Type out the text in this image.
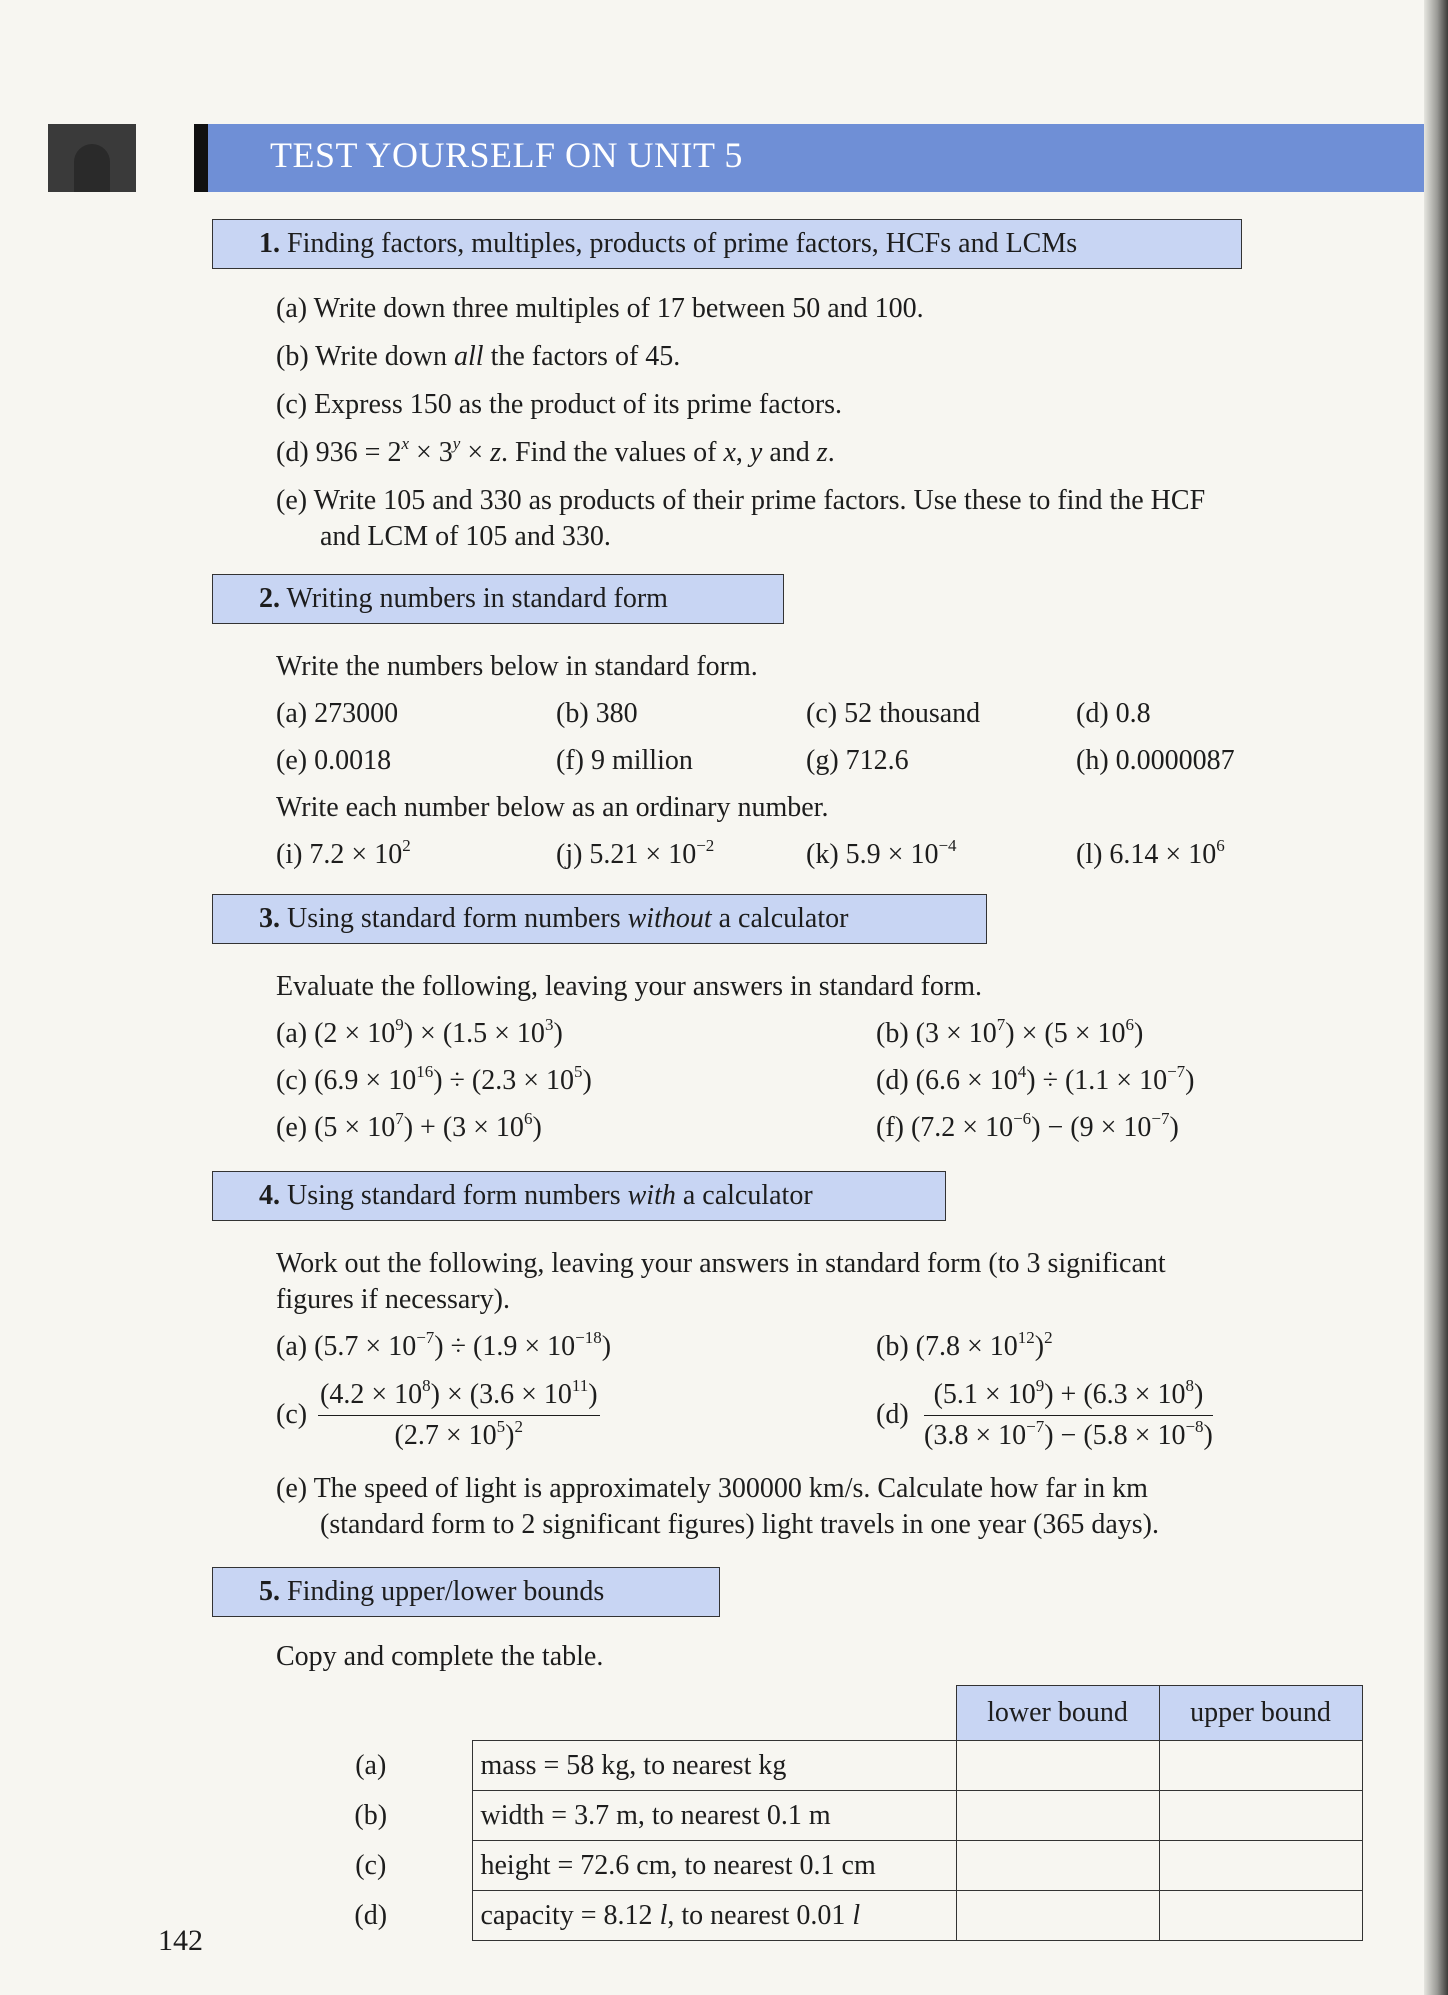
TEST YOURSELF ON UNIT 5
1. Finding factors, multiples, products of prime factors, HCFs and LCMs
(a) Write down three multiples of 17 between 50 and 100.
(b) Write down all the factors of 45.
(c) Express 150 as the product of its prime factors.
(d) $936 = 2^x \times 3^y \times z$. Find the values of x, y and z.
(e) Write 105 and 330 as products of their prime factors. Use these to find the HCF
and LCM of 105 and 330.
2. Writing numbers in standard form
Write the numbers below in standard form.
(a) 273000	(b) 380	(c) 52 thousand	(d) 0.8
(e) 0.0018	(f) 9 million	(g) 712.6	(h) 0.0000087
Write each number below as an ordinary number.
(i) $7.2 \times 10^2$	(j) $5.21 \times 10^{-2}$	(k) $5.9 \times 10^{-4}$	(l) $6.14 \times 10^6$
3. Using standard form numbers without a calculator
Evaluate the following, leaving your answers in standard form.
(a) $(2 \times 10^9) \times (1.5 \times 10^3)$	(b) $(3 \times 10^7) \times (5 \times 10^6)$
(c) $(6.9 \times 10^{16}) \div (2.3 \times 10^5)$	(d) $(6.6 \times 10^4) \div (1.1 \times 10^{-7})$
(e) $(5 \times 10^7) + (3 \times 10^6)$	(f) $(7.2 \times 10^{-6}) - (9 \times 10^{-7})$
4. Using standard form numbers with a calculator
Work out the following, leaving your answers in standard form (to 3 significant
figures if necessary).
(a) $(5.7 \times 10^{-7}) \div (1.9 \times 10^{-18})$	(b) $(7.8 \times 10^{12})^2$
$(c) \frac{(4.2 \times 10^8) \times (3.6 \times 10^{11})}{(2.7 \times 10^5)^2}$	$(d) \frac{(5.1 \times 10^9) + (6.3 \times 10^8)}{(3.8 \times 10^{-7}) - (5.8 \times 10^{-8})}$
(e) The speed of light is approximately 300000 km/s. Calculate how far in km
(standard form to 2 significant figures) light travels in one year (365 days).
5. Finding upper/lower bounds
Copy and complete the table.
		lower bound	upper bound
(a)	mass = 58 kg, to nearest kg		
(b)	width = 3.7 m, to nearest 0.1 m		
(c)	height = 72.6 cm, to nearest 0.1 cm		
(d)	capacity = 8.12 l, to nearest 0.01 l		
142
